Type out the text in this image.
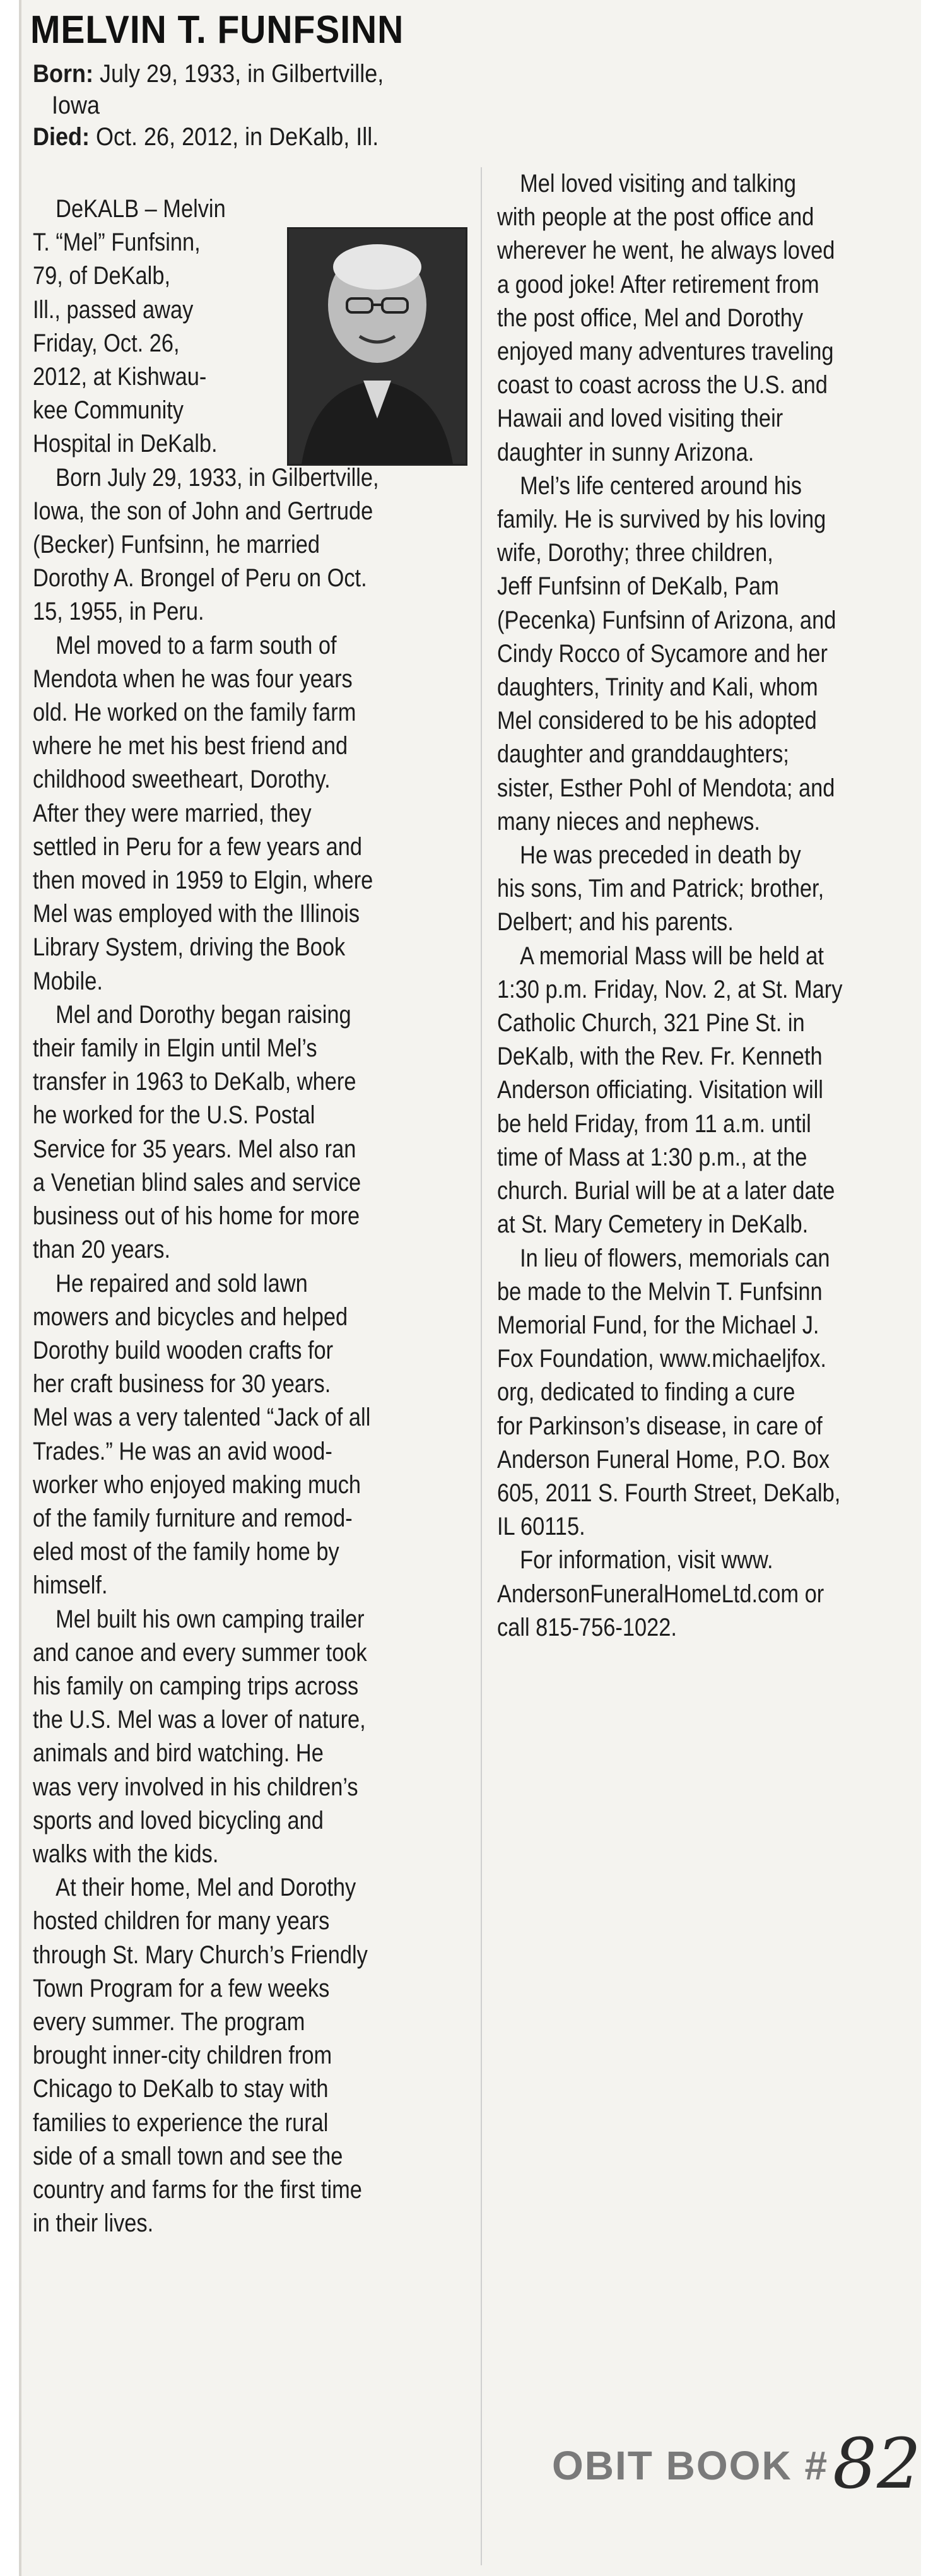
MELVIN T. FUNFSINN
Born: July 29, 1933, in Gilbertville,
Iowa
Died: Oct. 26, 2012, in DeKalb, Ill.
DeKALB – Melvin
T. “Mel” Funfsinn,
79, of DeKalb,
Ill., passed away
Friday, Oct. 26,
2012, at Kishwau-
kee Community
Hospital in DeKalb.
Born July 29, 1933, in Gilbertville,
Iowa, the son of John and Gertrude
(Becker) Funfsinn, he married
Dorothy A. Brongel of Peru on Oct.
15, 1955, in Peru.
Mel moved to a farm south of
Mendota when he was four years
old. He worked on the family farm
where he met his best friend and
childhood sweetheart, Dorothy.
After they were married, they
settled in Peru for a few years and
then moved in 1959 to Elgin, where
Mel was employed with the Illinois
Library System, driving the Book
Mobile.
Mel and Dorothy began raising
their family in Elgin until Mel’s
transfer in 1963 to DeKalb, where
he worked for the U.S. Postal
Service for 35 years. Mel also ran
a Venetian blind sales and service
business out of his home for more
than 20 years.
He repaired and sold lawn
mowers and bicycles and helped
Dorothy build wooden crafts for
her craft business for 30 years.
Mel was a very talented “Jack of all
Trades.” He was an avid wood-
worker who enjoyed making much
of the family furniture and remod-
eled most of the family home by
himself.
Mel built his own camping trailer
and canoe and every summer took
his family on camping trips across
the U.S. Mel was a lover of nature,
animals and bird watching. He
was very involved in his children’s
sports and loved bicycling and
walks with the kids.
At their home, Mel and Dorothy
hosted children for many years
through St. Mary Church’s Friendly
Town Program for a few weeks
every summer. The program
brought inner-city children from
Chicago to DeKalb to stay with
families to experience the rural
side of a small town and see the
country and farms for the first time
in their lives.
Mel loved visiting and talking
with people at the post office and
wherever he went, he always loved
a good joke! After retirement from
the post office, Mel and Dorothy
enjoyed many adventures traveling
coast to coast across the U.S. and
Hawaii and loved visiting their
daughter in sunny Arizona.
Mel’s life centered around his
family. He is survived by his loving
wife, Dorothy; three children,
Jeff Funfsinn of DeKalb, Pam
(Pecenka) Funfsinn of Arizona, and
Cindy Rocco of Sycamore and her
daughters, Trinity and Kali, whom
Mel considered to be his adopted
daughter and granddaughters;
sister, Esther Pohl of Mendota; and
many nieces and nephews.
He was preceded in death by
his sons, Tim and Patrick; brother,
Delbert; and his parents.
A memorial Mass will be held at
1:30 p.m. Friday, Nov. 2, at St. Mary
Catholic Church, 321 Pine St. in
DeKalb, with the Rev. Fr. Kenneth
Anderson officiating. Visitation will
be held Friday, from 11 a.m. until
time of Mass at 1:30 p.m., at the
church. Burial will be at a later date
at St. Mary Cemetery in DeKalb.
In lieu of flowers, memorials can
be made to the Melvin T. Funfsinn
Memorial Fund, for the Michael J.
Fox Foundation, www.michaeljfox.
org, dedicated to finding a cure
for Parkinson’s disease, in care of
Anderson Funeral Home, P.O. Box
605, 2011 S. Fourth Street, DeKalb,
IL 60115.
For information, visit www.
AndersonFuneralHomeLtd.com or
call 815-756-1022.
OBIT BOOK # 82
